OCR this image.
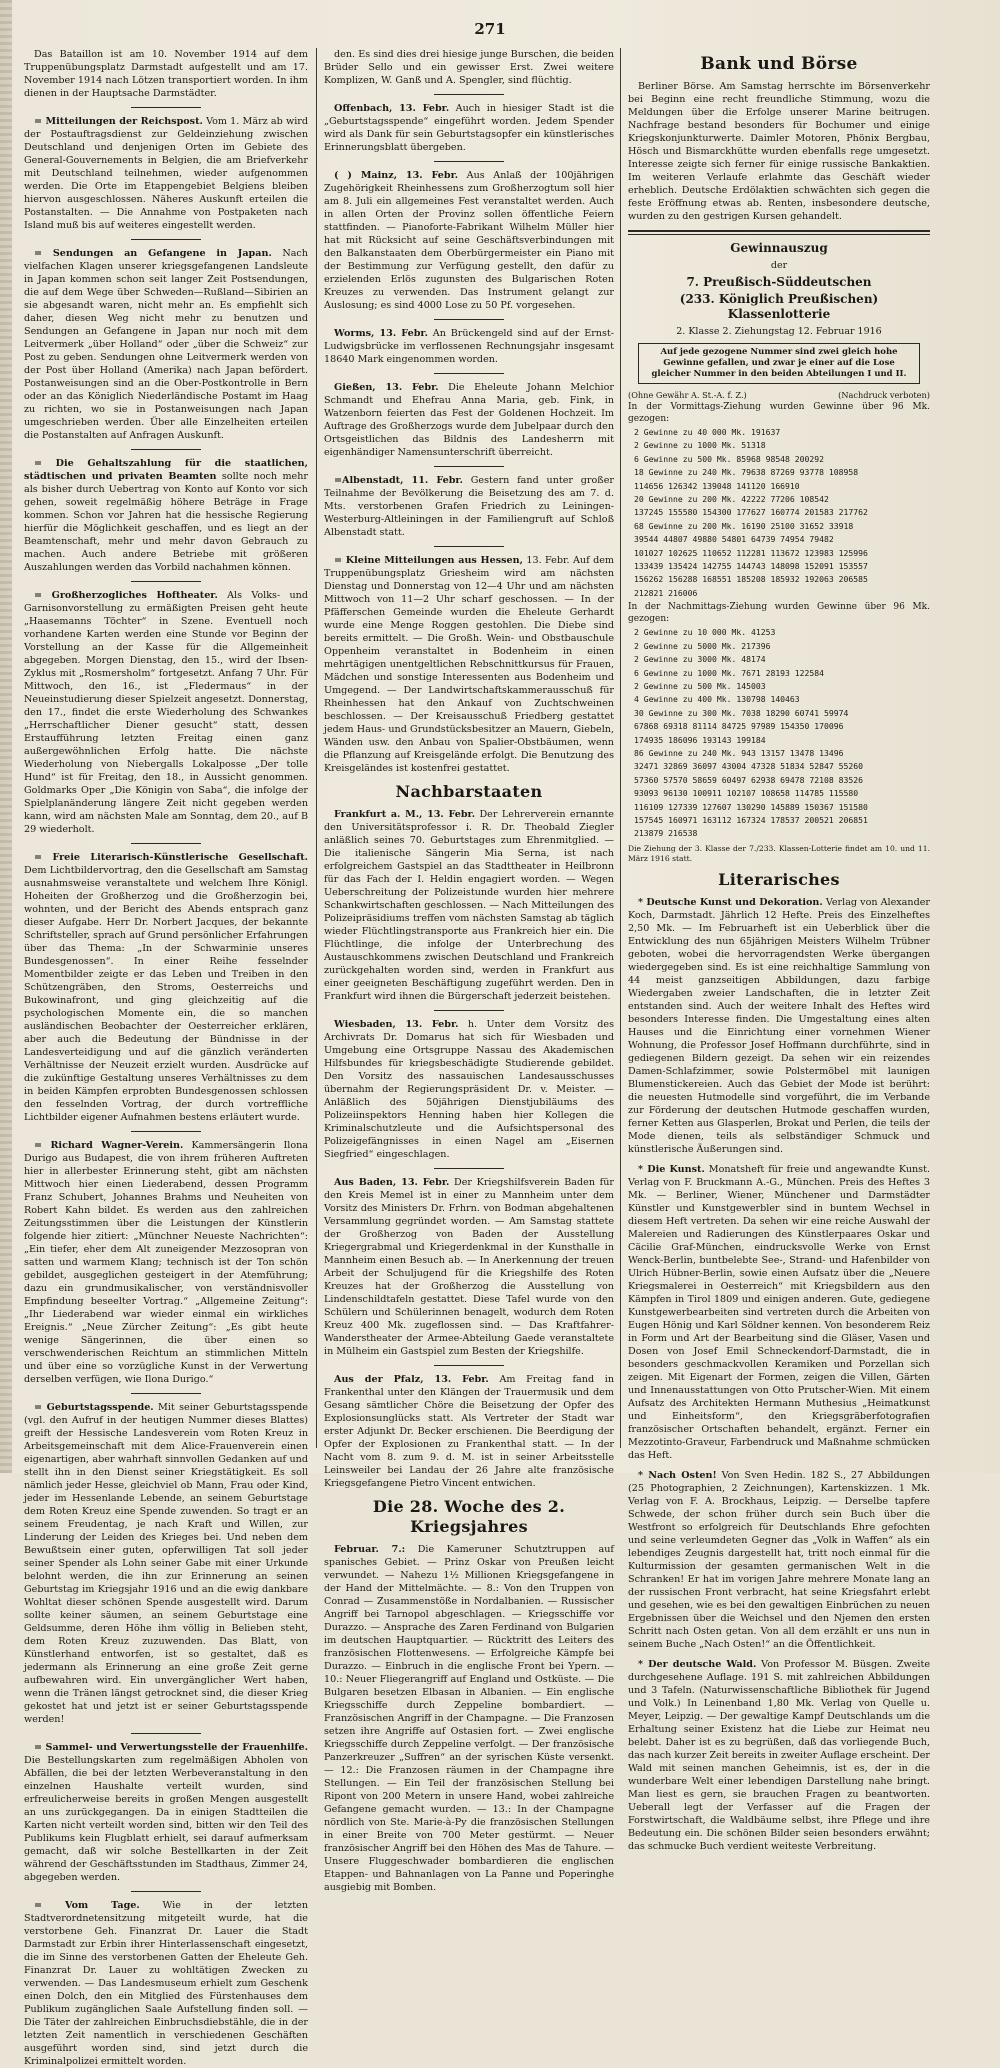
271
Das Bataillon ist am 10. November 1914 auf dem Truppenübungsplatz Darmstadt aufgestellt und am 17. November 1914 nach Lötzen transportiert worden. In ihm dienen in der Hauptsache Darmstädter.
= Mitteilungen der Reichspost. Vom 1. März ab wird der Postauftragsdienst zur Geldeinziehung zwischen Deutschland und denjenigen Orten im Gebiete des General-Gouvernements in Belgien, die am Briefverkehr mit Deutschland teilnehmen, wieder aufgenommen werden. Die Orte im Etappengebiet Belgiens bleiben hiervon ausgeschlossen. Näheres Auskunft erteilen die Postanstalten. — Die Annahme von Postpaketen nach Island muß bis auf weiteres eingestellt werden.
= Sendungen an Gefangene in Japan. Nach vielfachen Klagen unserer kriegsgefangenen Landsleute in Japan kommen schon seit langer Zeit Postsendungen, die auf dem Wege über Schweden—Rußland—Sibirien an sie abgesandt waren, nicht mehr an. Es empfiehlt sich daher, diesen Weg nicht mehr zu benutzen und Sendungen an Gefangene in Japan nur noch mit dem Leitvermerk „über Holland“ oder „über die Schweiz“ zur Post zu geben. Sendungen ohne Leitvermerk werden von der Post über Holland (Amerika) nach Japan befördert. Postanweisungen sind an die Ober-Postkontrolle in Bern oder an das Königlich Niederländische Postamt im Haag zu richten, wo sie in Postanweisungen nach Japan umgeschrieben werden. Über alle Einzelheiten erteilen die Postanstalten auf Anfragen Auskunft.
= Die Gehaltszahlung für die staatlichen, städtischen und privaten Beamten sollte noch mehr als bisher durch Uebertrag von Konto auf Konto vor sich gehen, soweit regelmäßig höhere Beträge in Frage kommen. Schon vor Jahren hat die hessische Regierung hierfür die Möglichkeit geschaffen, und es liegt an der Beamtenschaft, mehr und mehr davon Gebrauch zu machen. Auch andere Betriebe mit größeren Auszahlungen werden das Vorbild nachahmen können.
= Großherzogliches Hoftheater. Als Volks- und Garnisonvorstellung zu ermäßigten Preisen geht heute „Haasemanns Töchter“ in Szene. Eventuell noch vorhandene Karten werden eine Stunde vor Beginn der Vorstellung an der Kasse für die Allgemeinheit abgegeben. Morgen Dienstag, den 15., wird der Ibsen-Zyklus mit „Rosmersholm“ fortgesetzt. Anfang 7 Uhr. Für Mittwoch, den 16., ist „Fledermaus“ in der Neueinstudierung dieser Spielzeit angesetzt. Donnerstag, den 17., findet die erste Wiederholung des Schwankes „Herrschaftlicher Diener gesucht“ statt, dessen Erstaufführung letzten Freitag einen ganz außergewöhnlichen Erfolg hatte. Die nächste Wiederholung von Niebergalls Lokalposse „Der tolle Hund“ ist für Freitag, den 18., in Aussicht genommen. Goldmarks Oper „Die Königin von Saba“, die infolge der Spielplanänderung längere Zeit nicht gegeben werden kann, wird am nächsten Male am Sonntag, dem 20., auf B 29 wiederholt.
= Freie Literarisch-Künstlerische Gesellschaft. Dem Lichtbildervortrag, den die Gesellschaft am Samstag ausnahmsweise veranstaltete und welchem Ihre Königl. Hoheiten der Großherzog und die Großherzogin bei, wohnten, und der Bericht des Abends entsprach ganz dieser Aufgabe. Herr Dr. Norbert Jacques, der bekannte Schriftsteller, sprach auf Grund persönlicher Erfahrungen über das Thema: „In der Schwarminie unseres Bundesgenossen“. In einer Reihe fesselnder Momentbilder zeigte er das Leben und Treiben in den Schützengräben, den Stroms, Oesterreichs und Bukowinafront, und ging gleichzeitig auf die psychologischen Momente ein, die so manchen ausländischen Beobachter der Oesterreicher erklären, aber auch die Bedeutung der Bündnisse in der Landesverteidigung und auf die gänzlich veränderten Verhältnisse der Neuzeit erzielt wurden. Ausdrücke auf die zukünftige Gestaltung unseres Verhältnisses zu dem in beiden Kämpfen erprobten Bundesgenossen schlossen den fesselnden Vortrag, der durch vortreffliche Lichtbilder eigener Aufnahmen bestens erläutert wurde.
= Richard Wagner-Verein. Kammersängerin Ilona Durigo aus Budapest, die von ihrem früheren Auftreten hier in allerbester Erinnerung steht, gibt am nächsten Mittwoch hier einen Liederabend, dessen Programm Franz Schubert, Johannes Brahms und Neuheiten von Robert Kahn bildet. Es werden aus den zahlreichen Zeitungsstimmen über die Leistungen der Künstlerin folgende hier zitiert: „Münchner Neueste Nachrichten“: „Ein tiefer, eher dem Alt zuneigender Mezzosopran von satten und warmem Klang; technisch ist der Ton schön gebildet, ausgeglichen gesteigert in der Atemführung; dazu ein grundmusikalischer, von verständnisvoller Empfindung beseelter Vortrag.“ „Allgemeine Zeitung“: „Ihr Liederabend war wieder einmal ein wirkliches Ereignis.“ „Neue Zürcher Zeitung“: „Es gibt heute wenige Sängerinnen, die über einen so verschwenderischen Reichtum an stimmlichen Mitteln und über eine so vorzügliche Kunst in der Verwertung derselben verfügen, wie Ilona Durigo.“
= Geburtstagsspende. Mit seiner Geburtstagsspende (vgl. den Aufruf in der heutigen Nummer dieses Blattes) greift der Hessische Landesverein vom Roten Kreuz in Arbeitsgemeinschaft mit dem Alice-Frauenverein einen eigenartigen, aber wahrhaft sinnvollen Gedanken auf und stellt ihn in den Dienst seiner Kriegstätigkeit. Es soll nämlich jeder Hesse, gleichviel ob Mann, Frau oder Kind, jeder im Hessenlande Lebende, an seinem Geburtstage dem Roten Kreuz eine Spende zuwenden. So tragt er an seinem Freudentag, je nach Kraft und Willen, zur Linderung der Leiden des Krieges bei. Und neben dem Bewußtsein einer guten, opferwilligen Tat soll jeder seiner Spender als Lohn seiner Gabe mit einer Urkunde belohnt werden, die ihn zur Erinnerung an seinen Geburtstag im Kriegsjahr 1916 und an die ewig dankbare Wohltat dieser schönen Spende ausgestellt wird. Darum sollte keiner säumen, an seinem Geburtstage eine Geldsumme, deren Höhe ihm völlig in Belieben steht, dem Roten Kreuz zuzuwenden. Das Blatt, von Künstlerhand entworfen, ist so gestaltet, daß es jedermann als Erinnerung an eine große Zeit gerne aufbewahren wird. Ein unvergänglicher Wert haben, wenn die Tränen längst getrocknet sind, die dieser Krieg gekostet hat und jetzt ist er seiner Geburtstagsspende werden!
= Sammel- und Verwertungsstelle der Frauenhilfe. Die Bestellungskarten zum regelmäßigen Abholen von Abfällen, die bei der letzten Werbeveranstaltung in den einzelnen Haushalte verteilt wurden, sind erfreulicherweise bereits in großen Mengen ausgestellt an uns zurückgegangen. Da in einigen Stadtteilen die Karten nicht verteilt worden sind, bitten wir den Teil des Publikums kein Flugblatt erhielt, sei darauf aufmerksam gemacht, daß wir solche Bestellkarten in der Zeit während der Geschäftsstunden im Stadthaus, Zimmer 24, abgegeben werden.
= Vom Tage. Wie in der letzten Stadtverordnetensitzung mitgeteilt wurde, hat die verstorbene Geh. Finanzrat Dr. Lauer die Stadt Darmstadt zur Erbin ihrer Hinterlassenschaft eingesetzt, die im Sinne des verstorbenen Gatten der Eheleute Geh. Finanzrat Dr. Lauer zu wohltätigen Zwecken zu verwenden. — Das Landesmuseum erhielt zum Geschenk einen Dolch, den ein Mitglied des Fürstenhauses dem Publikum zugänglichen Saale Aufstellung finden soll. — Die Täter der zahlreichen Einbruchsdiebstähle, die in der letzten Zeit namentlich in verschiedenen Geschäften ausgeführt worden sind, sind jetzt durch die Kriminalpolizei ermittelt worden.
den. Es sind dies drei hiesige junge Burschen, die beiden Brüder Sello und ein gewisser Erst. Zwei weitere Komplizen, W. Ganß und A. Spengler, sind flüchtig.
Offenbach, 13. Febr. Auch in hiesiger Stadt ist die „Geburtstagsspende“ eingeführt worden. Jedem Spender wird als Dank für sein Geburtstagsopfer ein künstlerisches Erinnerungsblatt übergeben.
( ) Mainz, 13. Febr. Aus Anlaß der 100jährigen Zugehörigkeit Rheinhessens zum Großherzogtum soll hier am 8. Juli ein allgemeines Fest veranstaltet werden. Auch in allen Orten der Provinz sollen öffentliche Feiern stattfinden. — Pianoforte-Fabrikant Wilhelm Müller hier hat mit Rücksicht auf seine Geschäftsverbindungen mit den Balkanstaaten dem Oberbürgermeister ein Piano mit der Bestimmung zur Verfügung gestellt, den dafür zu erzielenden Erlös zugunsten des Bulgarischen Roten Kreuzes zu verwenden. Das Instrument gelangt zur Auslosung; es sind 4000 Lose zu 50 Pf. vorgesehen.
Worms, 13. Febr. An Brückengeld sind auf der Ernst-Ludwigsbrücke im verflossenen Rechnungsjahr insgesamt 18640 Mark eingenommen worden.
Gießen, 13. Febr. Die Eheleute Johann Melchior Schmandt und Ehefrau Anna Maria, geb. Fink, in Watzenborn feierten das Fest der Goldenen Hochzeit. Im Auftrage des Großherzogs wurde dem Jubelpaar durch den Ortsgeistlichen das Bildnis des Landesherrn mit eigenhändiger Namensunterschrift überreicht.
=Albenstadt, 11. Febr. Gestern fand unter großer Teilnahme der Bevölkerung die Beisetzung des am 7. d. Mts. verstorbenen Grafen Friedrich zu Leiningen-Westerburg-Altleiningen in der Familiengruft auf Schloß Albenstadt statt.
= Kleine Mitteilungen aus Hessen, 13. Febr. Auf dem Truppenübungsplatz Griesheim wird am nächsten Dienstag und Donnerstag von 12—4 Uhr und am nächsten Mittwoch von 11—2 Uhr scharf geschossen. — In der Pfäfferschen Gemeinde wurden die Eheleute Gerhardt wurde eine Menge Roggen gestohlen. Die Diebe sind bereits ermittelt. — Die Großh. Wein- und Obstbauschule Oppenheim veranstaltet in Bodenheim in einen mehrtägigen unentgeltlichen Rebschnittkursus für Frauen, Mädchen und sonstige Interessenten aus Bodenheim und Umgegend. — Der Landwirtschaftskammerausschuß für Rheinhessen hat den Ankauf von Zuchtschweinen beschlossen. — Der Kreisausschuß Friedberg gestattet jedem Haus- und Grundstücksbesitzer an Mauern, Giebeln, Wänden usw. den Anbau von Spalier-Obstbäumen, wenn die Pflanzung auf Kreisgelände erfolgt. Die Benutzung des Kreisgeländes ist kostenfrei gestattet.
Nachbarstaaten
Frankfurt a. M., 13. Febr. Der Lehrerverein ernannte den Universitätsprofessor i. R. Dr. Theobald Ziegler anläßlich seines 70. Geburtstages zum Ehrenmitglied. — Die italienische Sängerin Mia Serna, ist nach erfolgreichem Gastspiel an das Stadttheater in Heilbronn für das Fach der I. Heldin engagiert worden. — Wegen Ueberschreitung der Polizeistunde wurden hier mehrere Schankwirtschaften geschlossen. — Nach Mitteilungen des Polizeipräsidiums treffen vom nächsten Samstag ab täglich wieder Flüchtlingstransporte aus Frankreich hier ein. Die Flüchtlinge, die infolge der Unterbrechung des Austauschkommens zwischen Deutschland und Frankreich zurückgehalten worden sind, werden in Frankfurt aus einer geeigneten Beschäftigung zugeführt werden. Den in Frankfurt wird ihnen die Bürgerschaft jederzeit beistehen.
Wiesbaden, 13. Febr. h. Unter dem Vorsitz des Archivrats Dr. Domarus hat sich für Wiesbaden und Umgebung eine Ortsgruppe Nassau des Akademischen Hilfsbundes für kriegsbeschädigte Studierende gebildet. Den Vorsitz des nassauischen Landesausschusses übernahm der Regierungspräsident Dr. v. Meister. — Anläßlich des 50jährigen Dienstjubiläums des Polizeiinspektors Henning haben hier Kollegen die Kriminalschutzleute und die Aufsichtspersonal des Polizeigefängnisses in einen Nagel am „Eisernen Siegfried“ eingeschlagen.
Aus Baden, 13. Febr. Der Kriegshilfsverein Baden für den Kreis Memel ist in einer zu Mannheim unter dem Vorsitz des Ministers Dr. Frhrn. von Bodman abgehaltenen Versammlung gegründet worden. — Am Samstag stattete der Großherzog von Baden der Ausstellung Kriegergrabmal und Kriegerdenkmal in der Kunsthalle in Mannheim einen Besuch ab. — In Anerkennung der treuen Arbeit der Schuljugend für die Kriegshilfe des Roten Kreuzes hat der Großherzog die Ausstellung von Lindenschildtafeln gestattet. Diese Tafel wurde von den Schülern und Schülerinnen benagelt, wodurch dem Roten Kreuz 400 Mk. zugeflossen sind. — Das Kraftfahrer-Wanderstheater der Armee-Abteilung Gaede veranstaltete in Mülheim ein Gastspiel zum Besten der Kriegshilfe.
Aus der Pfalz, 13. Febr. Am Freitag fand in Frankenthal unter den Klängen der Trauermusik und dem Gesang sämtlicher Chöre die Beisetzung der Opfer des Explosionsunglücks statt. Als Vertreter der Stadt war erster Adjunkt Dr. Becker erschienen. Die Beerdigung der Opfer der Explosionen zu Frankenthal statt. — In der Nacht vom 8. zum 9. d. M. ist in seiner Arbeitsstelle Leinsweiler bei Landau der 26 Jahre alte französische Kriegsgefangene Pietro Vincent entwichen.
Die 28. Woche des 2. Kriegsjahres
Februar. 7.: Die Kameruner Schutztruppen auf spanisches Gebiet. — Prinz Oskar von Preußen leicht verwundet. — Nahezu 1½ Millionen Kriegsgefangene in der Hand der Mittelmächte. — 8.: Von den Truppen von Conrad — Zusammenstöße in Nordalbanien. — Russischer Angriff bei Tarnopol abgeschlagen. — Kriegsschiffe vor Durazzo. — Ansprache des Zaren Ferdinand von Bulgarien im deutschen Hauptquartier. — Rücktritt des Leiters des französischen Flottenwesens. — Erfolgreiche Kämpfe bei Durazzo. — Einbruch in die englische Front bei Ypern. — 10.: Neuer Fliegerangriff auf England und Ostküste. — Die Bulgaren besetzen Elbasan in Albanien. — Ein englische Kriegsschiffe durch Zeppeline bombardiert. — Französischen Angriff in der Champagne. — Die Franzosen setzen ihre Angriffe auf Ostasien fort. — Zwei englische Kriegsschiffe durch Zeppeline verfolgt. — Der französische Panzerkreuzer „Suffren“ an der syrischen Küste versenkt. — 12.: Die Franzosen räumen in der Champagne ihre Stellungen. — Ein Teil der französischen Stellung bei Ripont von 200 Metern in unsere Hand, wobei zahlreiche Gefangene gemacht wurden. — 13.: In der Champagne nördlich von Ste. Marie-à-Py die französischen Stellungen in einer Breite von 700 Meter gestürmt. — Neuer französischer Angriff bei den Höhen des Mas de Tahure. — Unsere Fluggeschwader bombardieren die englischen Etappen- und Bahnanlagen von La Panne und Poperinghe ausgiebig mit Bomben.
Bank und Börse
Berliner Börse. Am Samstag herrschte im Börsenverkehr bei Beginn eine recht freundliche Stimmung, wozu die Meldungen über die Erfolge unserer Marine beitrugen. Nachfrage bestand besonders für Bochumer und einige Kriegskonjunkturwerte. Daimler Motoren, Phönix Bergbau, Hösch und Bismarckhütte wurden ebenfalls rege umgesetzt. Interesse zeigte sich ferner für einige russische Bankaktien. Im weiteren Verlaufe erlahmte das Geschäft wieder erheblich. Deutsche Erdölaktien schwächten sich gegen die feste Eröffnung etwas ab. Renten, insbesondere deutsche, wurden zu den gestrigen Kursen gehandelt.
Gewinnauszug
der
7. Preußisch-Süddeutschen
(233. Königlich Preußischen) Klassenlotterie
2. Klasse 2. Ziehungstag 12. Februar 1916
Auf jede gezogene Nummer sind zwei gleich hohe Gewinne gefallen, und zwar je einer auf die Lose gleicher Nummer in den beiden Abteilungen I und II.
(Ohne Gewähr A. St.-A. f. Z.)	(Nachdruck verboten)

In der Vormittags-Ziehung wurden Gewinne über 96 Mk. gezogen:

2 Gewinne zu 40 000 Mk. 191637
2 Gewinne zu 1000 Mk. 51318
6 Gewinne zu 500 Mk. 85968 98548 200292
18 Gewinne zu 240 Mk. 79638 87269 93778 108958
114656 126342 139048 141120 166910
20 Gewinne zu 200 Mk. 42222 77206 108542
137245 155580 154300 177627 160774 201583 217762
68 Gewinne zu 200 Mk. 16190 25100 31652 33918
39544 44807 49880 54801 64739 74954 79482
101027 102625 110652 112281 113672 123983 125996
133439 135424 142755 144743 148098 152091 153557
156262 156288 168551 185208 185932 192063 206585
212821 216006

In der Nachmittags-Ziehung wurden Gewinne über 96 Mk. gezogen:

2 Gewinne zu 10 000 Mk. 41253
2 Gewinne zu 5000 Mk. 217396
2 Gewinne zu 3000 Mk. 48174
6 Gewinne zu 1000 Mk. 7671 28193 122584
2 Gewinne zu 500 Mk. 145003
4 Gewinne zu 400 Mk. 130798 140463
30 Gewinne zu 300 Mk. 7038 18290 60741 59974
67868 69318 81114 84725 97989 154350 170096
174935 186096 193143 199184
86 Gewinne zu 240 Mk. 943 13157 13478 13496
32471 32869 36097 43004 47328 51834 52847 55260
57360 57570 58659 60497 62938 69478 72108 83526
93093 96130 100911 102107 108658 114785 115580
116109 127339 127607 130290 145889 150367 151580
157545 160971 163112 167324 178537 200521 206851
213879 216538
Die Ziehung der 3. Klasse der 7./233. Klassen-Lotterie findet am 10. und 11. März 1916 statt.
Literarisches
* Deutsche Kunst und Dekoration. Verlag von Alexander Koch, Darmstadt. Jährlich 12 Hefte. Preis des Einzelheftes 2,50 Mk. — Im Februarheft ist ein Ueberblick über die Entwicklung des nun 65jährigen Meisters Wilhelm Trübner geboten, wobei die hervorragendsten Werke übergangen wiedergegeben sind. Es ist eine reichhaltige Sammlung von 44 meist ganzseitigen Abbildungen, dazu farbige Wiedergaben zweier Landschaften, die in letzter Zeit entstanden sind. Auch der weitere Inhalt des Heftes wird besonders Interesse finden. Die Umgestaltung eines alten Hauses und die Einrichtung einer vornehmen Wiener Wohnung, die Professor Josef Hoffmann durchführte, sind in gediegenen Bildern gezeigt. Da sehen wir ein reizendes Damen-Schlafzimmer, sowie Polstermöbel mit launigen Blumenstickereien. Auch das Gebiet der Mode ist berührt: die neuesten Hutmodelle sind vorgeführt, die im Verbande zur Förderung der deutschen Hutmode geschaffen wurden, ferner Ketten aus Glasperlen, Brokat und Perlen, die teils der Mode dienen, teils als selbständiger Schmuck und künstlerische Äußerungen sind.
* Die Kunst. Monatsheft für freie und angewandte Kunst. Verlag von F. Bruckmann A.-G., München. Preis des Heftes 3 Mk. — Berliner, Wiener, Münchener und Darmstädter Künstler und Kunstgewerbler sind in buntem Wechsel in diesem Heft vertreten. Da sehen wir eine reiche Auswahl der Malereien und Radierungen des Künstlerpaares Oskar und Cäcilie Graf-München, eindrucksvolle Werke von Ernst Wenck-Berlin, buntbelebte See-, Strand- und Hafenbilder von Ulrich Hübner-Berlin, sowie einen Aufsatz über die „Neuere Kriegsmalerei in Oesterreich“ mit Kriegsbildern aus den Kämpfen in Tirol 1809 und einigen anderen. Gute, gediegene Kunstgewerbearbeiten sind vertreten durch die Arbeiten von Eugen Hönig und Karl Söldner kennen. Von besonderem Reiz in Form und Art der Bearbeitung sind die Gläser, Vasen und Dosen von Josef Emil Schneckendorf-Darmstadt, die in besonders geschmackvollen Keramiken und Porzellan sich zeigen. Mit Eigenart der Formen, zeigen die Villen, Gärten und Innenausstattungen von Otto Prutscher-Wien. Mit einem Aufsatz des Architekten Hermann Muthesius „Heimatkunst und Einheitsform“, den Kriegsgräberfotografien französischer Ortschaften behandelt, ergänzt. Ferner ein Mezzotinto-Graveur, Farbendruck und Maßnahme schmücken das Heft.
* Nach Osten! Von Sven Hedin. 182 S., 27 Abbildungen (25 Photographien, 2 Zeichnungen), Kartenskizzen. 1 Mk. Verlag von F. A. Brockhaus, Leipzig. — Derselbe tapfere Schwede, der schon früher durch sein Buch über die Westfront so erfolgreich für Deutschlands Ehre gefochten und seine verleumdeten Gegner das „Volk in Waffen“ als ein lebendiges Zeugnis dargestellt hat, tritt noch einmal für die Kulturmission der gesamten germanischen Welt in die Schranken! Er hat im vorigen Jahre mehrere Monate lang an der russischen Front verbracht, hat seine Kriegsfahrt erlebt und gesehen, wie es bei den gewaltigen Einbrüchen zu neuen Ergebnissen über die Weichsel und den Njemen den ersten Schritt nach Osten getan. Von all dem erzählt er uns nun in seinem Buche „Nach Osten!“ an die Öffentlichkeit.
* Der deutsche Wald. Von Professor M. Büsgen. Zweite durchgesehene Auflage. 191 S. mit zahlreichen Abbildungen und 3 Tafeln. (Naturwissenschaftliche Bibliothek für Jugend und Volk.) In Leinenband 1,80 Mk. Verlag von Quelle u. Meyer, Leipzig. — Der gewaltige Kampf Deutschlands um die Erhaltung seiner Existenz hat die Liebe zur Heimat neu belebt. Daher ist es zu begrüßen, daß das vorliegende Buch, das nach kurzer Zeit bereits in zweiter Auflage erscheint. Der Wald mit seinen manchen Geheimnis, ist es, der in die wunderbare Welt einer lebendigen Darstellung nahe bringt. Man liest es gern, sie brauchen Fragen zu beantworten. Ueberall legt der Verfasser auf die Fragen der Forstwirtschaft, die Waldbäume selbst, ihre Pflege und ihre Bedeutung ein. Die schönen Bilder seien besonders erwähnt; das schmucke Buch verdient weiteste Verbreitung.
